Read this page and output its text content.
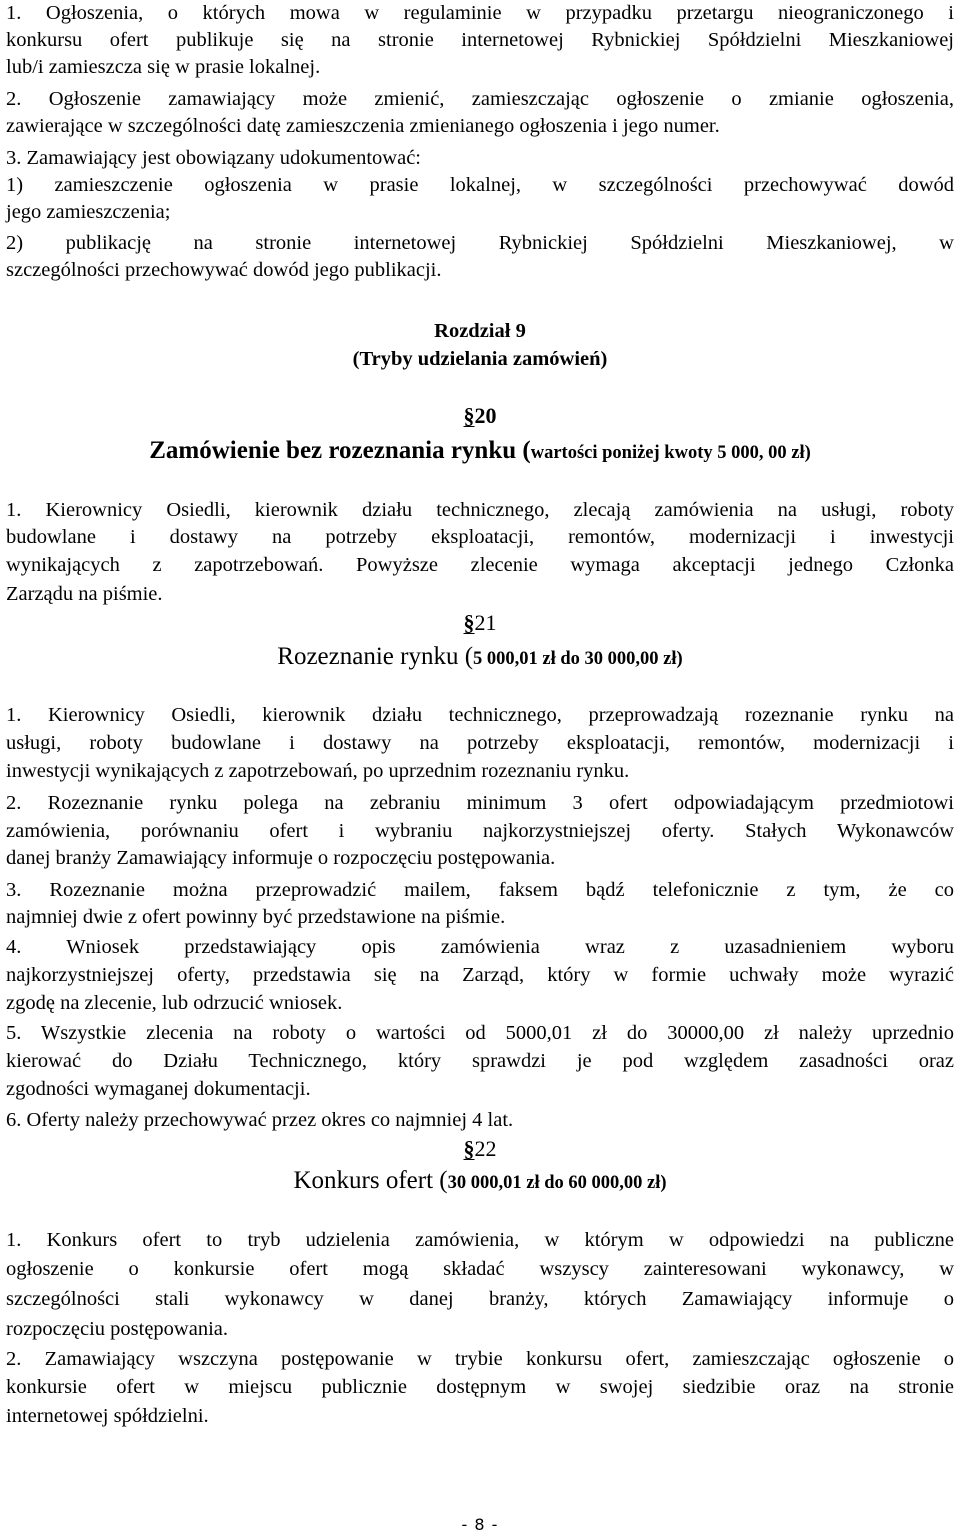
1. Ogłoszenia, o których mowa w regulaminie w przypadku przetargu nieograniczonego i
konkursu ofert publikuje się na stronie internetowej Rybnickiej Spółdzielni Mieszkaniowej
lub/i zamieszcza się w prasie lokalnej.
2. Ogłoszenie zamawiający może zmienić, zamieszczając ogłoszenie o zmianie ogłoszenia,
zawierające w szczególności datę zamieszczenia zmienianego ogłoszenia i jego numer.
3. Zamawiający jest obowiązany udokumentować:
1) zamieszczenie ogłoszenia w prasie lokalnej, w szczególności przechowywać dowód
jego zamieszczenia;
2) publikację na stronie internetowej Rybnickiej Spółdzielni Mieszkaniowej, w
szczególności przechowywać dowód jego publikacji.
Rozdział 9
(Tryby udzielania zamówień)
§20
Zamówienie bez rozeznania rynku (wartości poniżej kwoty 5 000, 00 zł)
1. Kierownicy Osiedli, kierownik działu technicznego, zlecają zamówienia na usługi, roboty
budowlane i dostawy na potrzeby eksploatacji, remontów, modernizacji i inwestycji
wynikających z zapotrzebowań. Powyższe zlecenie wymaga akceptacji jednego Członka
Zarządu na piśmie.
§21
Rozeznanie rynku (5 000,01 zł do 30 000,00 zł)
1. Kierownicy Osiedli, kierownik działu technicznego, przeprowadzają rozeznanie rynku na
usługi, roboty budowlane i dostawy na potrzeby eksploatacji, remontów, modernizacji i
inwestycji wynikających z zapotrzebowań, po uprzednim rozeznaniu rynku.
2. Rozeznanie rynku polega na zebraniu minimum 3 ofert odpowiadającym przedmiotowi
zamówienia, porównaniu ofert i wybraniu najkorzystniejszej oferty. Stałych Wykonawców
danej branży Zamawiający informuje o rozpoczęciu postępowania.
3. Rozeznanie można przeprowadzić mailem, faksem bądź telefonicznie z tym, że co
najmniej dwie z ofert powinny być przedstawione na piśmie.
4. Wniosek przedstawiający opis zamówienia wraz z uzasadnieniem wyboru
najkorzystniejszej oferty, przedstawia się na Zarząd, który w formie uchwały może wyrazić
zgodę na zlecenie, lub odrzucić wniosek.
5. Wszystkie zlecenia na roboty o wartości od 5000,01 zł do 30000,00 zł należy uprzednio
kierować do Działu Technicznego, który sprawdzi je pod względem zasadności oraz
zgodności wymaganej dokumentacji.
6. Oferty należy przechowywać przez okres co najmniej 4 lat.
§22
Konkurs ofert (30 000,01 zł do 60 000,00 zł)
1. Konkurs ofert to tryb udzielenia zamówienia, w którym w odpowiedzi na publiczne
ogłoszenie o konkursie ofert mogą składać wszyscy zainteresowani wykonawcy, w
szczególności stali wykonawcy w danej branży, których Zamawiający informuje o
rozpoczęciu postępowania.
2. Zamawiający wszczyna postępowanie w trybie konkursu ofert, zamieszczając ogłoszenie o
konkursie ofert w miejscu publicznie dostępnym w swojej siedzibie oraz na stronie
internetowej spółdzielni.
- 8 -
